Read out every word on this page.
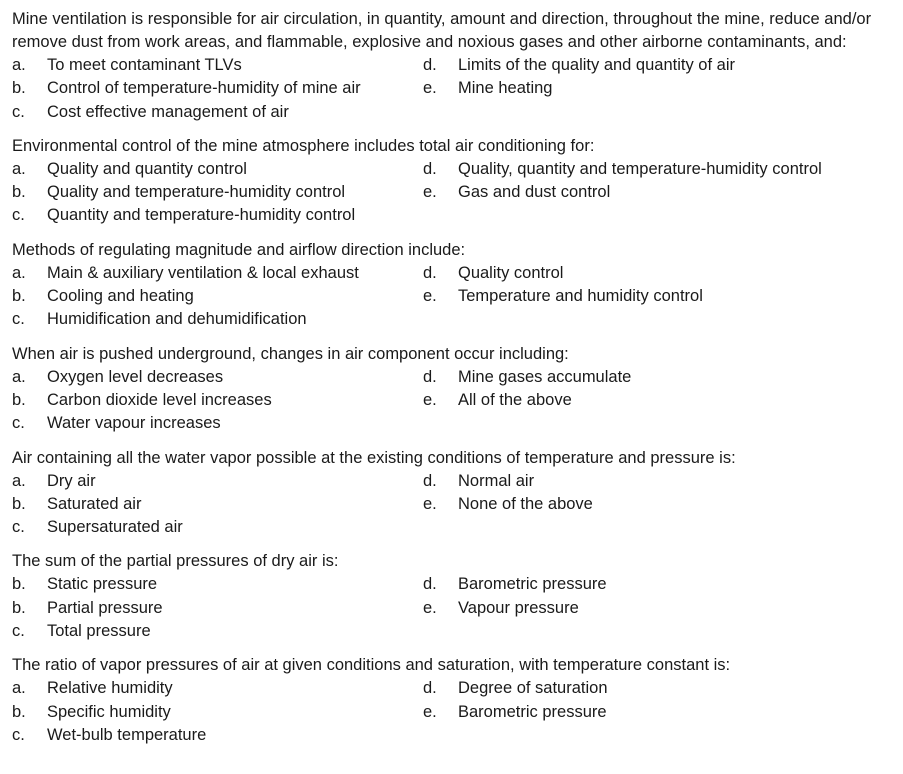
Mine ventilation is responsible for air circulation, in quantity, amount and direction, throughout the mine, reduce and/or remove dust from work areas, and flammable, explosive and noxious gases and other airborne contaminants, and:

a.	To meet contaminant TLVs	d.	Limits of the quality and quantity of air
b.	Control of temperature-humidity of mine air	e.	Mine heating
c.	Cost effective management of air

Environmental control of the mine atmosphere includes total air conditioning for:

a.	Quality and quantity control	d.	Quality, quantity and temperature-humidity control
b.	Quality and temperature-humidity control	e.	Gas and dust control
c.	Quantity and temperature-humidity control

Methods of regulating magnitude and airflow direction include:

a.	Main & auxiliary ventilation & local exhaust	d.	Quality control
b.	Cooling and heating	e.	Temperature and humidity control
c.	Humidification and dehumidification

When air is pushed underground, changes in air component occur including:

a.	Oxygen level decreases	d.	Mine gases accumulate
b.	Carbon dioxide level increases	e.	All of the above
c.	Water vapour increases

Air containing all the water vapor possible at the existing conditions of temperature and pressure is:

a.	Dry air	d.	Normal air
b.	Saturated air	e.	None of the above
c.	Supersaturated air

The sum of the partial pressures of dry air is:

b.	Static pressure	d.	Barometric pressure
b.	Partial pressure	e.	Vapour pressure
c.	Total pressure

The ratio of vapor pressures of air at given conditions and saturation, with temperature constant is:

a.	Relative humidity	d.	Degree of saturation
b.	Specific humidity	e.	Barometric pressure
c.	Wet-bulb temperature
